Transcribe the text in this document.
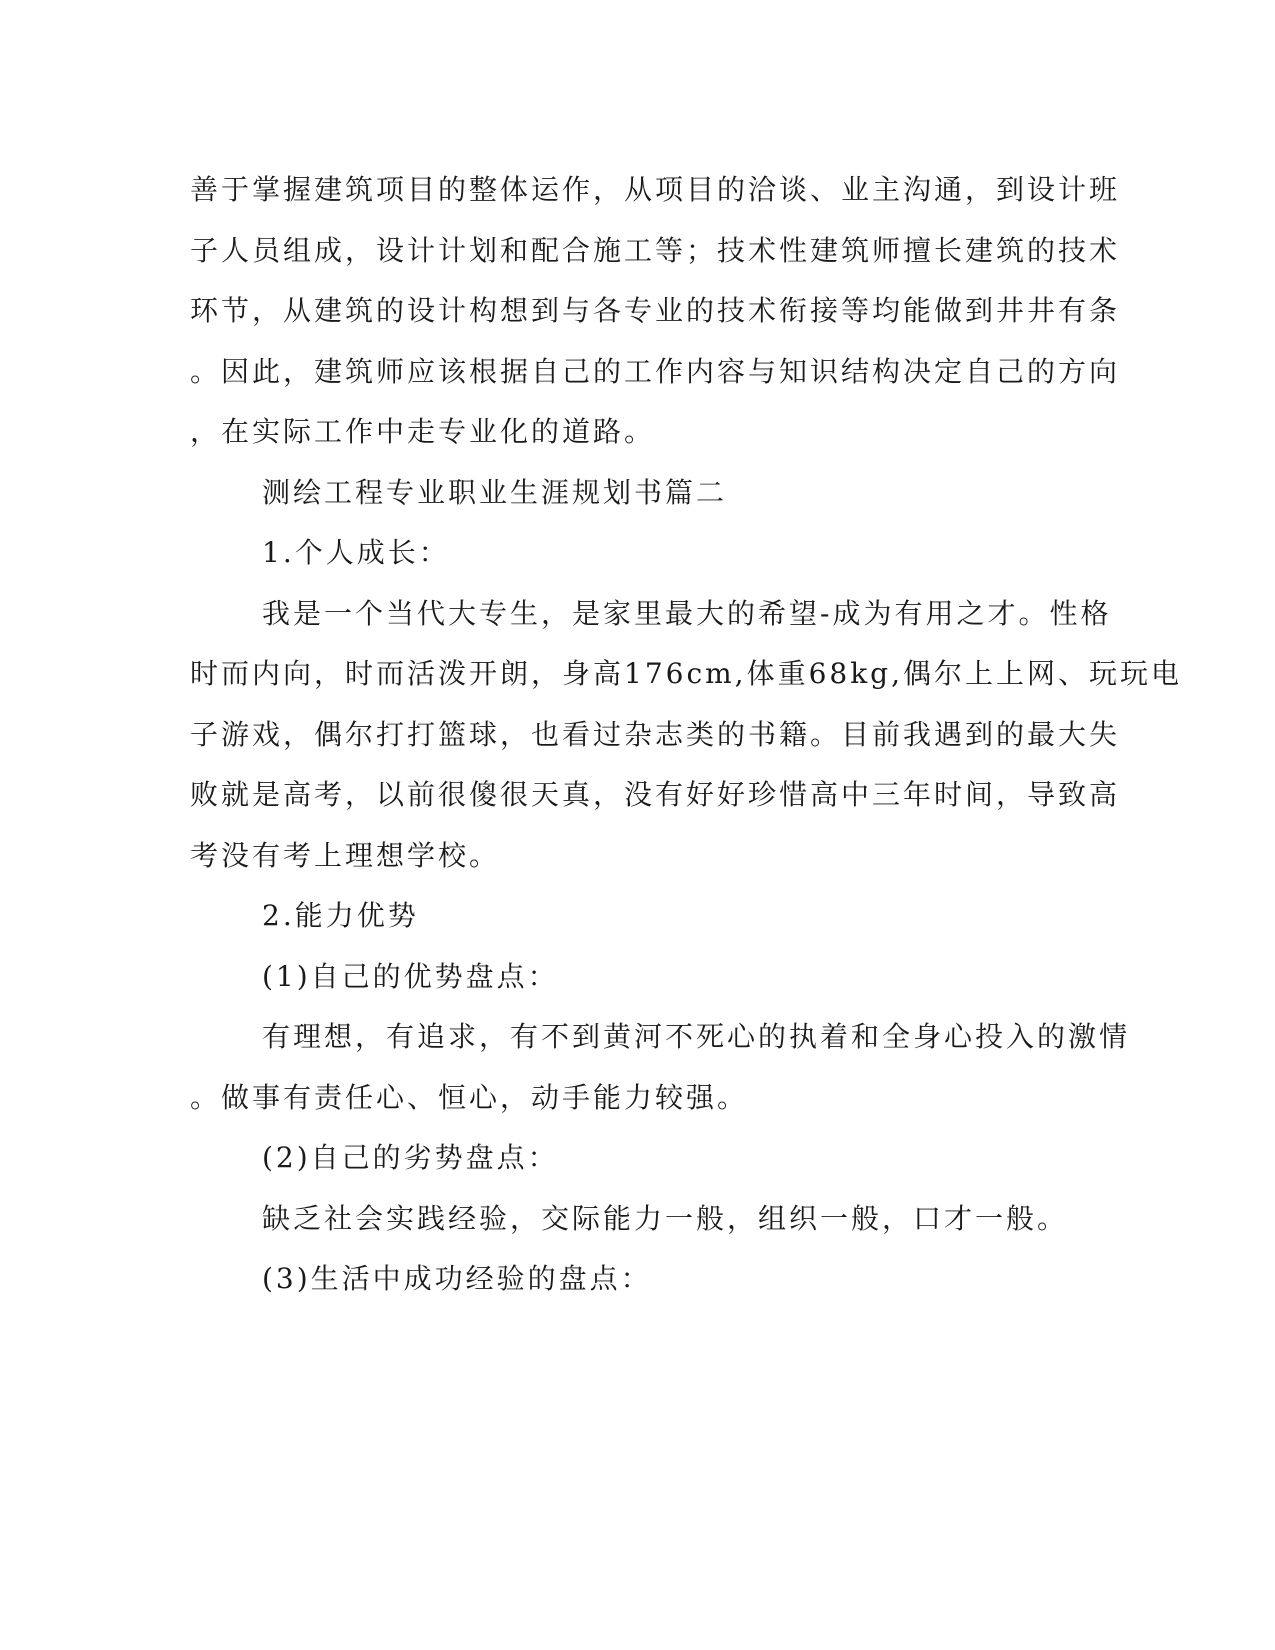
善于掌握建筑项目的整体运作，从项目的洽谈、业主沟通，到设计班
子人员组成，设计计划和配合施工等；技术性建筑师擅长建筑的技术
环节，从建筑的设计构想到与各专业的技术衔接等均能做到井井有条
。因此，建筑师应该根据自己的工作内容与知识结构决定自己的方向
，在实际工作中走专业化的道路。
测绘工程专业职业生涯规划书篇二
1.个人成长：
我是一个当代大专生，是家里最大的希望-成为有用之才。性格
时而内向，时而活泼开朗，身高176cm,体重68kg,偶尔上上网、玩玩电
子游戏，偶尔打打篮球，也看过杂志类的书籍。目前我遇到的最大失
败就是高考，以前很傻很天真，没有好好珍惜高中三年时间，导致高
考没有考上理想学校。
2.能力优势
(1)自己的优势盘点：
有理想，有追求，有不到黄河不死心的执着和全身心投入的激情
。做事有责任心、恒心，动手能力较强。
(2)自己的劣势盘点：
缺乏社会实践经验，交际能力一般，组织一般，口才一般。
(3)生活中成功经验的盘点：
